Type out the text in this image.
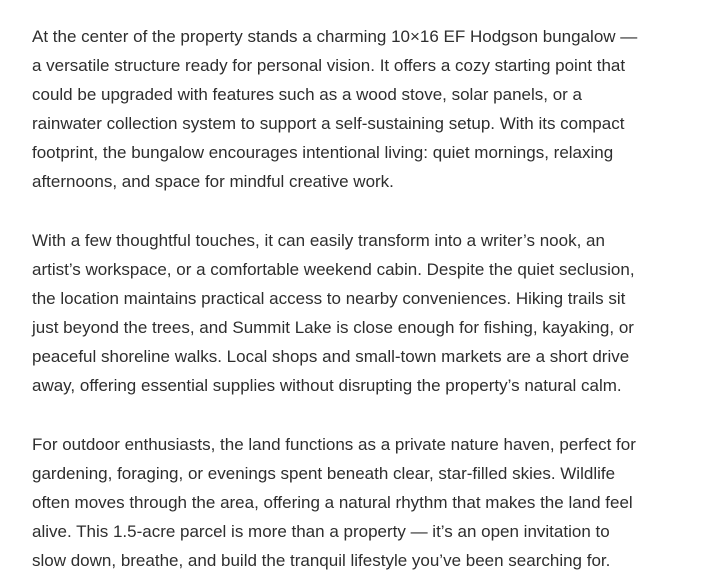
At the center of the property stands a charming 10×16 EF Hodgson bungalow —
a versatile structure ready for personal vision. It offers a cozy starting point that
could be upgraded with features such as a wood stove, solar panels, or a
rainwater collection system to support a self-sustaining setup. With its compact
footprint, the bungalow encourages intentional living: quiet mornings, relaxing
afternoons, and space for mindful creative work.

With a few thoughtful touches, it can easily transform into a writer’s nook, an
artist’s workspace, or a comfortable weekend cabin. Despite the quiet seclusion,
the location maintains practical access to nearby conveniences. Hiking trails sit
just beyond the trees, and Summit Lake is close enough for fishing, kayaking, or
peaceful shoreline walks. Local shops and small-town markets are a short drive
away, offering essential supplies without disrupting the property’s natural calm.

For outdoor enthusiasts, the land functions as a private nature haven, perfect for
gardening, foraging, or evenings spent beneath clear, star-filled skies. Wildlife
often moves through the area, offering a natural rhythm that makes the land feel
alive. This 1.5-acre parcel is more than a property — it’s an open invitation to
slow down, breathe, and build the tranquil lifestyle you’ve been searching for.
